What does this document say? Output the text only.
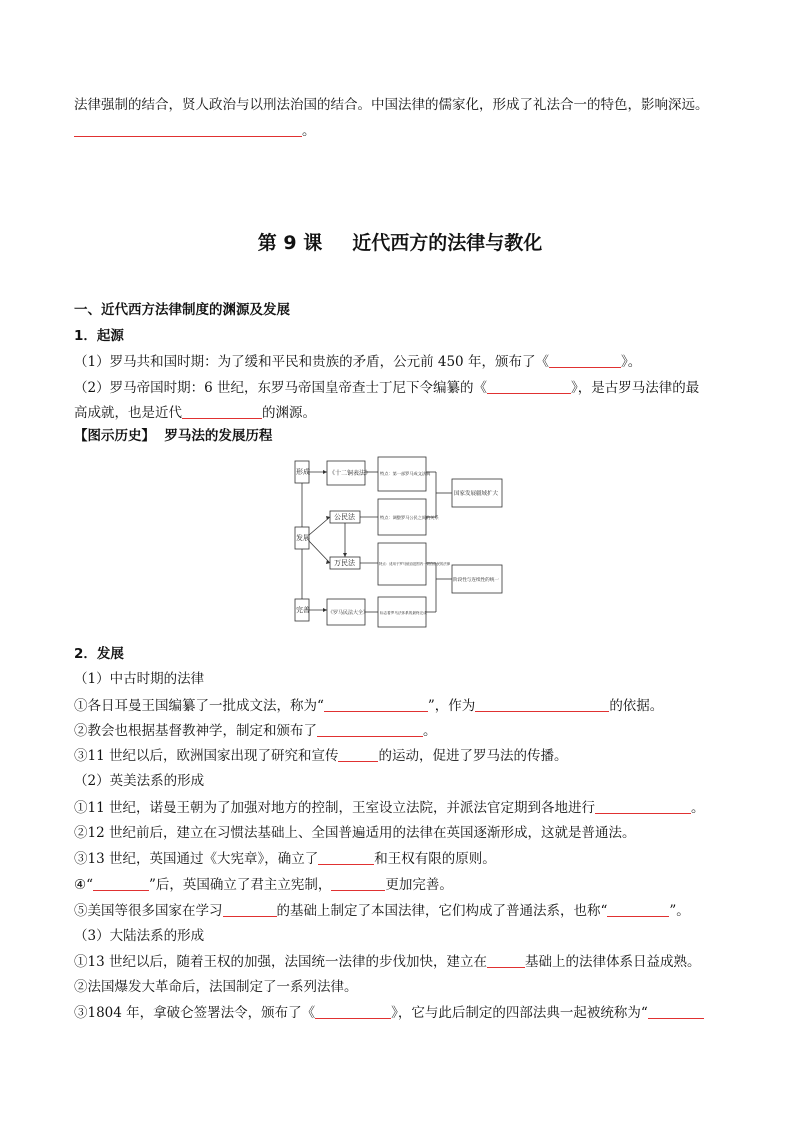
法律强制的结合，贤人政治与以刑法治国的结合。中国法律的儒家化，形成了礼法合一的特色，影响深远。
。
第 9 课 近代西方的法律与教化
一、近代西方法律制度的渊源及发展
1．起源
（1）罗马共和国时期：为了缓和平民和贵族的矛盾，公元前 450 年，颁布了《	》。
（2）罗马帝国时期：6 世纪，东罗马帝国皇帝查士丁尼下令编纂的《	》，是古罗马法律的最
高成就，也是近代	的渊源。
【图示历史】 罗马法的发展历程
形成
发展
完善
《十二铜表法》
公民法
万民法
《罗马民法大全》
特点：第一部罗马成文法典
特点：调整罗马公民之间的关系
特点：适用于罗马统治范围内一切自由民的法律
标志着罗马法体系的最终完成
国家发展疆域扩大
阶段性与连续性的统一
2．发展
（1）中古时期的法律
①各日耳曼王国编纂了一批成文法，称为“	”，作为	的依据。
②教会也根据基督教神学，制定和颁布了	。
③11 世纪以后，欧洲国家出现了研究和宣传	的运动，促进了罗马法的传播。
（2）英美法系的形成
①11 世纪，诺曼王朝为了加强对地方的控制，王室设立法院，并派法官定期到各地进行	。
②12 世纪前后，建立在习惯法基础上、全国普遍适用的法律在英国逐渐形成，这就是普通法。
③13 世纪，英国通过《大宪章》，确立了	和王权有限的原则。
④“	”后，英国确立了君主立宪制，	更加完善。
⑤美国等很多国家在学习	的基础上制定了本国法律，它们构成了普通法系，也称“	”。
（3）大陆法系的形成
①13 世纪以后，随着王权的加强，法国统一法律的步伐加快，建立在	基础上的法律体系日益成熟。
②法国爆发大革命后，法国制定了一系列法律。
③1804 年，拿破仑签署法令，颁布了《	》，它与此后制定的四部法典一起被统称为“
